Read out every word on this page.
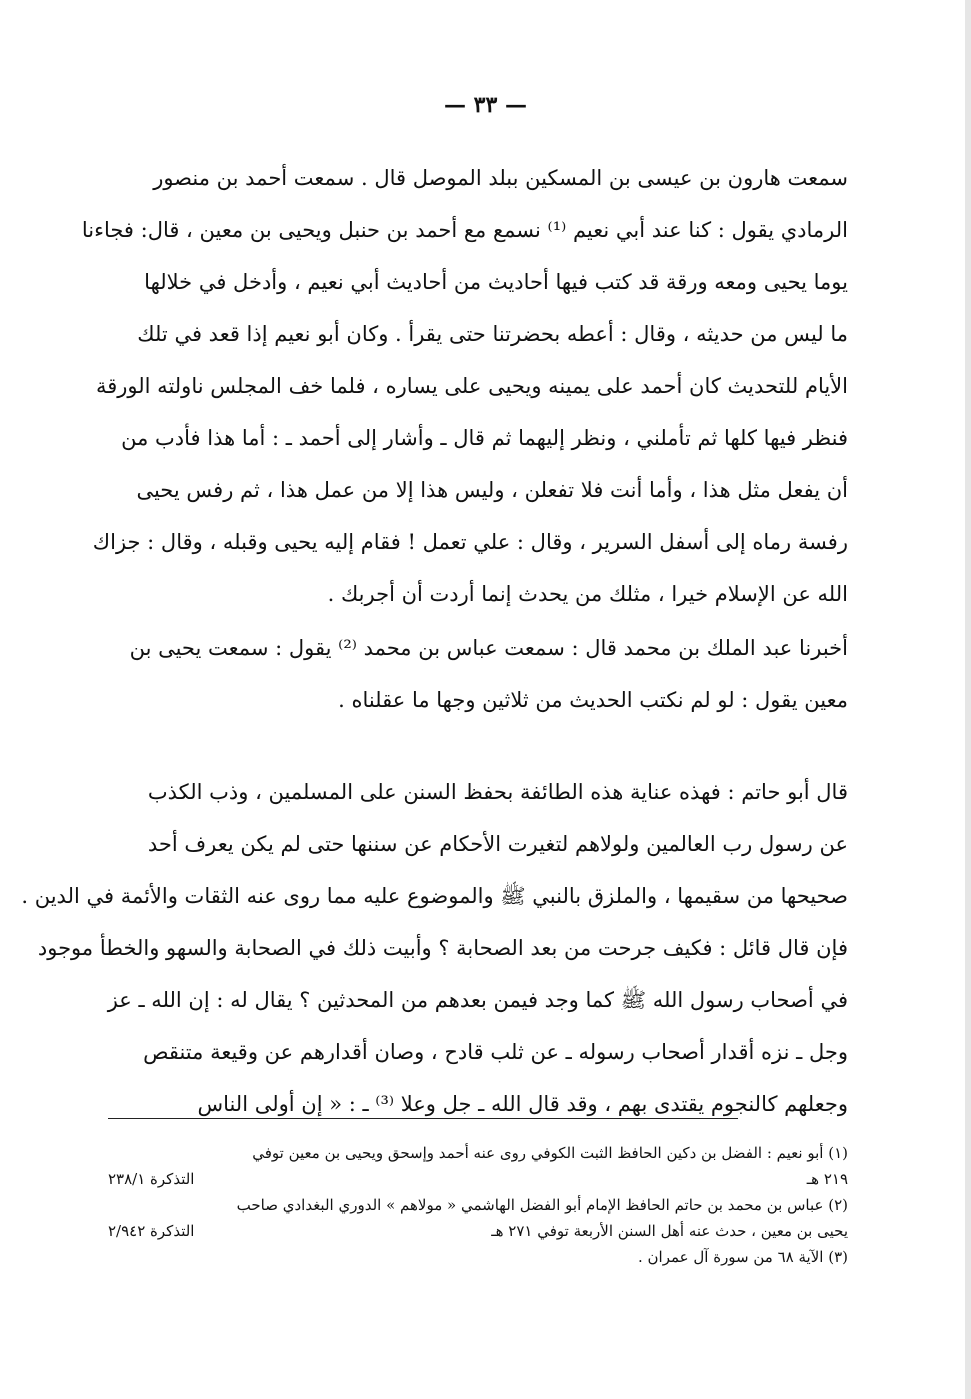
— ٣٣ —
سمعت هارون بن عيسى بن المسكين ببلد الموصل قال . سمعت أحمد بن منصور
الرمادي يقول : كنا عند أبي نعيم ⁽¹⁾ نسمع مع أحمد بن حنبل ويحيى بن معين ، قال: فجاءنا
يوما يحيى ومعه ورقة قد كتب فيها أحاديث من أحاديث أبي نعيم ، وأدخل في خلالها
ما ليس من حديثه ، وقال : أعطه بحضرتنا حتى يقرأ . وكان أبو نعيم إذا قعد في تلك
الأيام للتحديث كان أحمد على يمينه ويحيى على يساره ، فلما خف المجلس ناولته الورقة
فنظر فيها كلها ثم تأملني ، ونظر إليهما ثم قال ـ وأشار إلى أحمد ـ : أما هذا فأدب من
أن يفعل مثل هذا ، وأما أنت فلا تفعلن ، وليس هذا إلا من عمل هذا ، ثم رفس يحيى
رفسة رماه إلى أسفل السرير ، وقال : علي تعمل ! فقام إليه يحيى وقبله ، وقال : جزاك
الله عن الإسلام خيرا ، مثلك من يحدث إنما أردت أن أجربك .
أخبرنا عبد الملك بن محمد قال : سمعت عباس بن محمد ⁽²⁾ يقول : سمعت يحيى بن
معين يقول : لو لم نكتب الحديث من ثلاثين وجها ما عقلناه .
قال أبو حاتم : فهذه عناية هذه الطائفة بحفظ السنن على المسلمين ، وذب الكذب
عن رسول رب العالمين ولولاهم لتغيرت الأحكام عن سننها حتى لم يكن يعرف أحد
صحيحها من سقيمها ، والملزق بالنبي ﷺ والموضوع عليه مما روى عنه الثقات والأئمة في الدين .
فإن قال قائل : فكيف جرحت من بعد الصحابة ؟ وأبيت ذلك في الصحابة والسهو والخطأ موجود
في أصحاب رسول الله ﷺ كما وجد فيمن بعدهم من المحدثين ؟ يقال له : إن الله ـ عز
وجل ـ نزه أقدار أصحاب رسوله ـ عن ثلب قادح ، وصان أقدارهم عن وقيعة متنقص
وجعلهم كالنجوم يقتدى بهم ، وقد قال الله ـ جل وعلا ⁽³⁾ ـ : « إن أولى الناس
(١) أبو نعيم : الفضل بن دكين الحافظ الثبت الكوفي روى عنه أحمد وإسحق ويحيى بن معين توفي
٢١٩ هـ
التذكرة ٢٣٨/١
(٢) عباس بن محمد بن حاتم الحافظ الإمام أبو الفضل الهاشمي « مولاهم » الدوري البغدادي صاحب
يحيى بن معين ، حدث عنه أهل السنن الأربعة توفي ٢٧١ هـ
التذكرة ٢/٩٤٢
(٣) الآية ٦٨ من سورة آل عمران .
